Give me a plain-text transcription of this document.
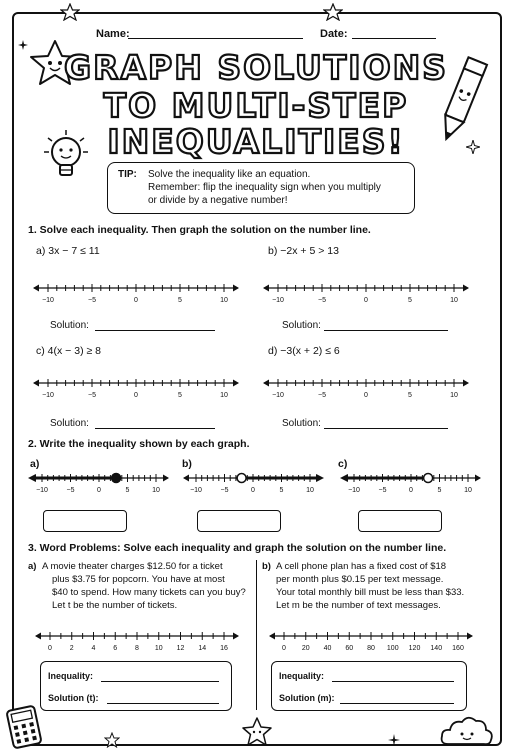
Name:	Date:
GRAPH SOLUTIONS
TO MULTI-STEP
INEQUALITIES!
TIP: Solve the inequality like an equation.
Remember: flip the inequality sign when you multiply
or divide by a negative number!
1. Solve each inequality. Then graph the solution on the number line.
a) 3x − 7 ≤ 11	b) −2x + 5 > 13
c) 4(x − 3) ≥ 8	d) −3(x + 2) ≤ 6
−10	−5	0	5	10	−10	−5	0	5	10
−10	−5	0	5	10	−10	−5	0	5	10
Solution:	Solution:
Solution:	Solution:
2. Write the inequality shown by each graph.
a)	b)	c)
−10	−5	0	5	10	−10	−5	0	5	10	−10	−5	0	5	10
3. Word Problems: Solve each inequality and graph the solution on the number line.
a) A movie theater charges $12.50 for a ticket
plus $3.75 for popcorn. You have at most
$40 to spend. How many tickets can you buy?
Let t be the number of tickets.
b) A cell phone plan has a fixed cost of $18
per month plus $0.15 per text message.
Your total monthly bill must be less than $33.
Let m be the number of text messages.
0	2	4	6	8 10 12 14 16	0 20 40 60 80 100 120 140 160
Inequality:
Solution (t):
Inequality:
Solution (m):
